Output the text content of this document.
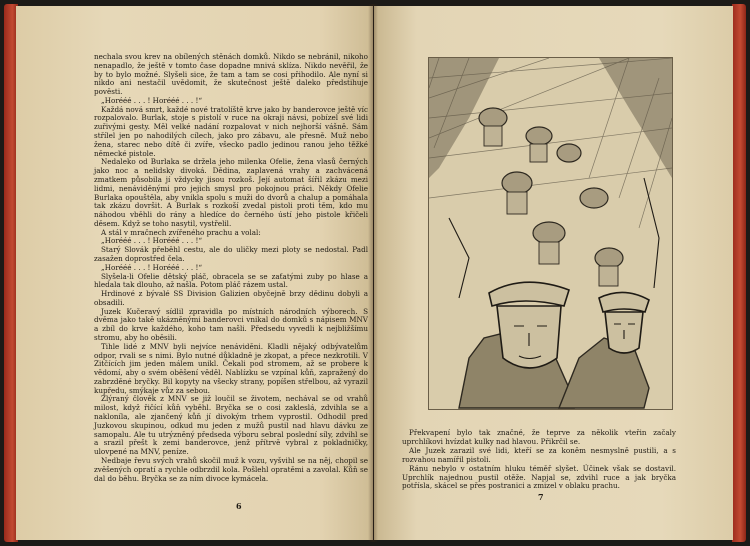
nechala svou krev na obílených stěnách domků. Nikdo se nebránil, nikoho nenapadlo, že ještě v tomto čase dopadne mnivá sklíza. Nikdo nevěřil, že by to bylo možné. Slyšeli sice, že tam a tam se cosi přihodilo. Ale nyní si nikdo ani nestačil uvědomit, že skutečnost ještě daleko předstihuje pověsti.

„Horééé . . . ! Horééé . . . !“

Každá nová smrt, každé nové tratolíště krve jako by banderovce ještě víc rozpalovalo. Burlak, stoje s pistolí v ruce na okraji návsi, pobízel své lidi zuřivými gesty. Měl velké nadání rozpalovat v nich nejhorší vášně. Sám střílel jen po nahodilých cílech, jako pro zábavu, ale přesně. Muž nebo žena, starec nebo dítě či zvíře, všecko padlo jedinou ranou jeho těžké německé pistole.

Nedaleko od Burlaka se držela jeho milenka Ofelie, žena vlasů černých jako noc a nelidsky divoká. Dědina, zaplavená vrahy a zachvácená zmatkem působila jí vždycky jisou rozkoš. Její automat šířil zkázu mezi lidmi, nenáviděnými pro jejich smysl pro pokojnou práci. Někdy Ofelie Burlaka opouštěla, aby vnikla spolu s muži do dvorů a chalup a pomáhala tak zkázu dovršit. A Burlak s rozkoší zvedal pistoli proti těm, kdo mu náhodou vběhli do rány a hledíce do černého ústí jeho pistole křičeli děsem. Když se toho nasytil, vystřelil.

A stál v mračnech zvířeného prachu a volal:

„Horééé . . . ! Horééé . . . !“

Starý Slovák přeběhl cestu, ale do uličky mezi ploty se nedostal. Padl zasažen doprostřed čela.

„Horééé . . . ! Horééé . . . !“

Slyšela-li Ofelie dětský pláč, obracela se se zaťatými zuby po hlase a hledala tak dlouho, až našla. Potom pláč rázem ustal.

Hrdinové z bývalé SS Division Galizien obyčejně brzy dědinu dobyli a obsadili.

Juzek Kučeravý sídlil zpravidla po místních národních výborech. S dvěma jako takě ukázněnými banderovci vnikal do domků s nápisem MNV a zbíl do krve každého, koho tam našli. Předsedu vyvedli k nejbližšímu stromu, aby ho oběsili.

Tihle lidé z MNV byli nejvíce nenáviděni. Kladli nějaký odbývatelům odpor, rvali se s nimi. Bylo nutné důkladně je zkopat, a přece nezkrotili. V Zitčících jim jeden málem unikl. Čekali pod stromem, až se probere k vědomí, aby o svém oběšení věděl. Nablízku se vzpínal kůň, zapražený do zabrzděné bryčky. Bil kopyty na všecky strany, popíšen střelbou, až vyrazil kupředu, smýkaje vůz za sebou.

Zlýraný člověk z MNV se již loučil se životem, nechával se od vrahů milost, když řičící kůň vyběhl. Bryčka se o cosi zakleslá, zdvihla se a nakloníla, ale zjančený kůň jí divokým trhem vyprostil. Odhodil pred Juzkovou skupinou, odkud mu jeden z mužů pustil nad hlavu dávku ze samopalu. Ale tu utrýzněný předseda výboru sebral poslední síly, zdvihl se a srazil přešt k zemi banderovce, jenž přítrvě vybral z pokladničky, ulovpené na MNV, peníze.

Nedbaje řevu svých vrahů skočil muž k vozu, vyšvihl se na něj, chopil se zvěšených opratí a rychle odbrzdil kola. Pošlehl opratěmi a zavolal. Kůň se dal do běhu. Bryčka se za ním divoce kymácela.

6

Překvapení bylo tak značné, že teprve za několik vteřin začaly uprchlíkovi hvízdat kulky nad hlavou. Přikrčil se.

Ale Juzek zarazil své lidi, kteří se za koněm nesmyslně pustili, a s rozvahou namířil pistoli.

Ránu nebylo v ostatním hluku téměř slyšet. Účinek však se dostavil. Uprchlík najednou pustil otěže. Napjal se, zdvihl ruce a jak bryčka potřísla, skácel se přes postranici a zmizel v oblaku prachu.

7
